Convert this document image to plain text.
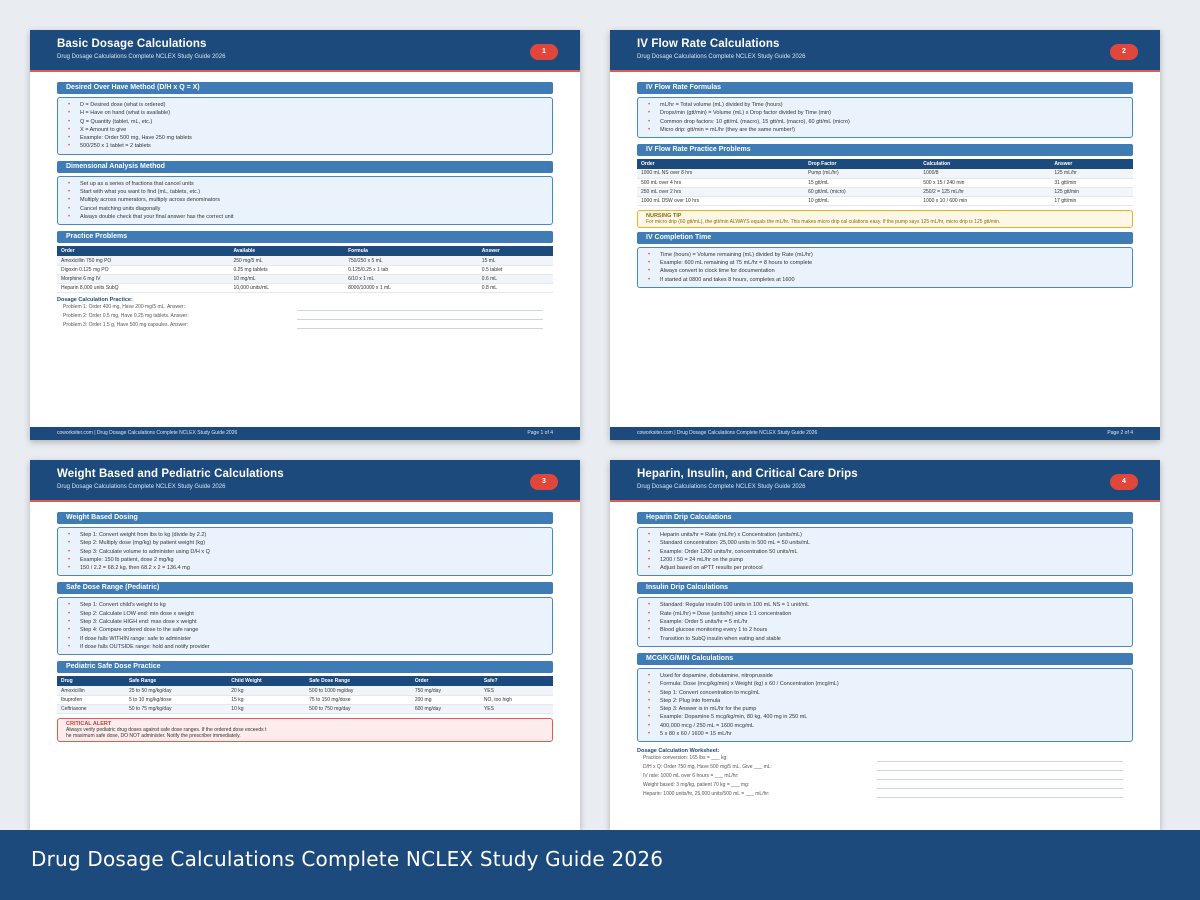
Basic Dosage Calculations
Drug Dosage Calculations Complete NCLEX Study Guide 2026
1
Desired Over Have Method (D/H x Q = X)
• D = Desired dose (what is ordered)
• H = Have on hand (what is available)
• Q = Quantity (tablet, mL, etc.)
• X = Amount to give
• Example: Order 500 mg, Have 250 mg tablets
• 500/250 x 1 tablet = 2 tablets
Dimensional Analysis Method
• Set up as a series of fractions that cancel units
• Start with what you want to find (mL, tablets, etc.)
• Multiply across numerators, multiply across denominators
• Cancel matching units diagonally
• Always double check that your final answer has the correct unit
Practice Problems
Order	Available	Formula	Answer
Amoxicillin 750 mg PO	250 mg/5 mL	750/250 x 5 mL	15 mL
Digoxin 0.125 mg PO	0.25 mg tablets	0.125/0.25 x 1 tab	0.5 tablet
Morphine 6 mg IV	10 mg/mL	6/10 x 1 mL	0.6 mL
Heparin 8,000 units SubQ	10,000 units/mL	8000/10000 x 1 mL	0.8 mL
Dosage Calculation Practice:
Problem 1: Order 400 mg, Have 200 mg/5 mL. Answer:
Problem 2: Order 0.5 mg, Have 0.25 mg tablets. Answer:
Problem 3: Order 1.5 g, Have 500 mg capsules. Answer:
coworksiter.com | Drug Dosage Calculations Complete NCLEX Study Guide 2026	Page 1 of 4
IV Flow Rate Calculations
Drug Dosage Calculations Complete NCLEX Study Guide 2026
2
IV Flow Rate Formulas
• mL/hr = Total volume (mL) divided by Time (hours)
• Drops/min (gtt/min) = Volume (mL) x Drop factor divided by Time (min)
• Common drop factors: 10 gtt/mL (macro), 15 gtt/mL (macro), 60 gtt/mL (micro)
• Micro drip: gtt/min = mL/hr (they are the same number!)
IV Flow Rate Practice Problems
Order	Drop Factor	Calculation	Answer
1000 mL NS over 8 hrs	Pump (mL/hr)	1000/8	125 mL/hr
500 mL over 4 hrs	15 gtt/mL	500 x 15 / 240 min	31 gtt/min
250 mL over 2 hrs	60 gtt/mL (micro)	250/2 = 125 mL/hr	125 gtt/min
1000 mL D5W over 10 hrs	10 gtt/mL	1000 x 10 / 600 min	17 gtt/min
NURSING TIP
For micro drip (60 gtt/mL), the gtt/min ALWAYS equals the mL/hr. This makes micro drip cal culations easy. If the pump says 125 mL/hr, micro drip is 125 gtt/min.
IV Completion Time
• Time (hours) = Volume remaining (mL) divided by Rate (mL/hr)
• Example: 600 mL remaining at 75 mL/hr = 8 hours to complete
• Always convert to clock time for documentation
• If started at 0800 and takes 8 hours, completes at 1600
coworksiter.com | Drug Dosage Calculations Complete NCLEX Study Guide 2026	Page 2 of 4
Weight Based and Pediatric Calculations
Drug Dosage Calculations Complete NCLEX Study Guide 2026
3
Weight Based Dosing
• Step 1: Convert weight from lbs to kg (divide by 2.2)
• Step 2: Multiply dose (mg/kg) by patient weight (kg)
• Step 3: Calculate volume to administer using D/H x Q
• Example: 150 lb patient, dose 2 mg/kg
• 150 / 2.2 = 68.2 kg, then 68.2 x 2 = 136.4 mg
Safe Dose Range (Pediatric)
• Step 1: Convert child's weight to kg
• Step 2: Calculate LOW end: min dose x weight
• Step 3: Calculate HIGH end: max dose x weight
• Step 4: Compare ordered dose to the safe range
• If dose falls WITHIN range: safe to administer
• If dose falls OUTSIDE range: hold and notify provider
Pediatric Safe Dose Practice
Drug	Safe Range	Child Weight	Safe Dose Range	Order	Safe?
Amoxicillin	25 to 50 mg/kg/day	20 kg	500 to 1000 mg/day	750 mg/day	YES
Ibuprofen	5 to 10 mg/kg/dose	15 kg	75 to 150 mg/dose	200 mg	NO, too high
Ceftriaxone	50 to 75 mg/kg/day	10 kg	500 to 750 mg/day	600 mg/day	YES
CRITICAL ALERT
Always verify pediatric drug doses against safe dose ranges. If the ordered dose exceeds t
he maximum safe dose, DO NOT administer. Notify the prescriber immediately.
Heparin, Insulin, and Critical Care Drips
Drug Dosage Calculations Complete NCLEX Study Guide 2026
4
Heparin Drip Calculations
• Heparin units/hr = Rate (mL/hr) x Concentration (units/mL)
• Standard concentration: 25,000 units in 500 mL = 50 units/mL
• Example: Order 1200 units/hr, concentration 50 units/mL
• 1200 / 50 = 24 mL/hr on the pump
• Adjust based on aPTT results per protocol
Insulin Drip Calculations
• Standard: Regular insulin 100 units in 100 mL NS = 1 unit/mL
• Rate (mL/hr) = Dose (units/hr) since 1:1 concentration
• Example: Order 5 units/hr = 5 mL/hr
• Blood glucose monitoring every 1 to 2 hours
• Transition to SubQ insulin when eating and stable
MCG/KG/MIN Calculations
• Used for dopamine, dobutamine, nitroprusside
• Formula: Dose (mcg/kg/min) x Weight (kg) x 60 / Concentration (mcg/mL)
• Step 1: Convert concentration to mcg/mL
• Step 2: Plug into formula
• Step 3: Answer is in mL/hr for the pump
• Example: Dopamine 5 mcg/kg/min, 80 kg, 400 mg in 250 mL
• 400,000 mcg / 250 mL = 1600 mcg/mL
• 5 x 80 x 60 / 1600 = 15 mL/hr
Dosage Calculation Worksheet:
Practice conversion: 165 lbs = ___ kg:
D/H x Q: Order 750 mg, Have 500 mg/5 mL. Give ___ mL:
IV rate: 1000 mL over 6 hours = ___ mL/hr:
Weight based: 3 mg/kg, patient 70 kg = ___ mg:
Heparin: 1000 units/hr, 25,000 units/500 mL = ___ mL/hr:
Drug Dosage Calculations Complete NCLEX Study Guide 2026
